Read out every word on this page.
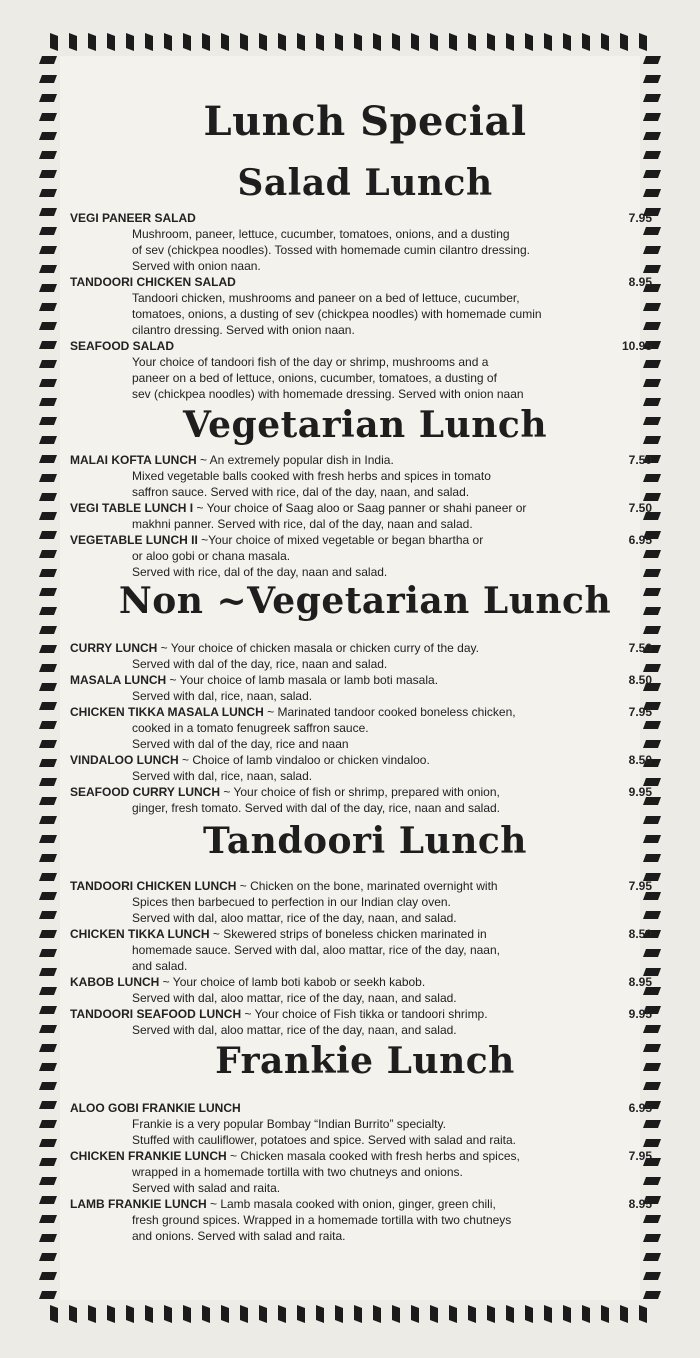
Lunch Special
Salad Lunch
VEGI PANEER SALAD
Mushroom, paneer, lettuce, cucumber, tomatoes, onions, and a dusting
of sev (chickpea noodles). Tossed with homemade cumin cilantro dressing.
Served with onion naan.
7.95
TANDOORI CHICKEN SALAD
Tandoori chicken, mushrooms and paneer on a bed of lettuce, cucumber,
tomatoes, onions, a dusting of sev (chickpea noodles) with homemade cumin
cilantro dressing. Served with onion naan.
8.95
SEAFOOD SALAD
Your choice of tandoori fish of the day or shrimp, mushrooms and a
paneer on a bed of lettuce, onions, cucumber, tomatoes, a dusting of
sev (chickpea noodles) with homemade dressing. Served with onion naan
10.95
Vegetarian Lunch
MALAI KOFTA LUNCH ~ An extremely popular dish in India.
Mixed vegetable balls cooked with fresh herbs and spices in tomato
saffron sauce. Served with rice, dal of the day, naan, and salad.
7.50
VEGI TABLE LUNCH I ~ Your choice of Saag aloo or Saag panner or shahi paneer or
makhni panner. Served with rice, dal of the day, naan and salad.
7.50
VEGETABLE LUNCH II ~Your choice of mixed vegetable or began bhartha or
or aloo gobi or chana masala.
Served with rice, dal of the day, naan and salad.
6.95
Non ~Vegetarian Lunch
CURRY LUNCH ~ Your choice of chicken masala or chicken curry of the day.
Served with dal of the day, rice, naan and salad.
7.50
MASALA LUNCH ~ Your choice of lamb masala or lamb boti masala.
Served with dal, rice, naan, salad.
8.50
CHICKEN TIKKA MASALA LUNCH ~ Marinated tandoor cooked boneless chicken,
cooked in a tomato fenugreek saffron sauce.
Served with dal of the day, rice and naan
7.95
VINDALOO LUNCH ~ Choice of lamb vindaloo or chicken vindaloo.
Served with dal, rice, naan, salad.
8.50
SEAFOOD CURRY LUNCH ~ Your choice of fish or shrimp, prepared with onion,
ginger, fresh tomato. Served with dal of the day, rice, naan and salad.
9.95
Tandoori Lunch
TANDOORI CHICKEN LUNCH ~ Chicken on the bone, marinated overnight with
Spices then barbecued to perfection in our Indian clay oven.
Served with dal, aloo mattar, rice of the day, naan, and salad.
7.95
CHICKEN TIKKA LUNCH ~ Skewered strips of boneless chicken marinated in
homemade sauce. Served with dal, aloo mattar, rice of the day, naan,
and salad.
8.50
KABOB LUNCH ~ Your choice of lamb boti kabob or seekh kabob.
Served with dal, aloo mattar, rice of the day, naan, and salad.
8.95
TANDOORI SEAFOOD LUNCH ~ Your choice of Fish tikka or tandoori shrimp.
Served with dal, aloo mattar, rice of the day, naan, and salad.
9.95
Frankie Lunch
ALOO GOBI FRANKIE LUNCH
Frankie is a very popular Bombay “Indian Burrito” specialty.
Stuffed with cauliflower, potatoes and spice. Served with salad and raita.
6.95
CHICKEN FRANKIE LUNCH ~ Chicken masala cooked with fresh herbs and spices,
wrapped in a homemade tortilla with two chutneys and onions.
Served with salad and raita.
7.95
LAMB FRANKIE LUNCH ~ Lamb masala cooked with onion, ginger, green chili,
fresh ground spices. Wrapped in a homemade tortilla with two chutneys
and onions. Served with salad and raita.
8.95
